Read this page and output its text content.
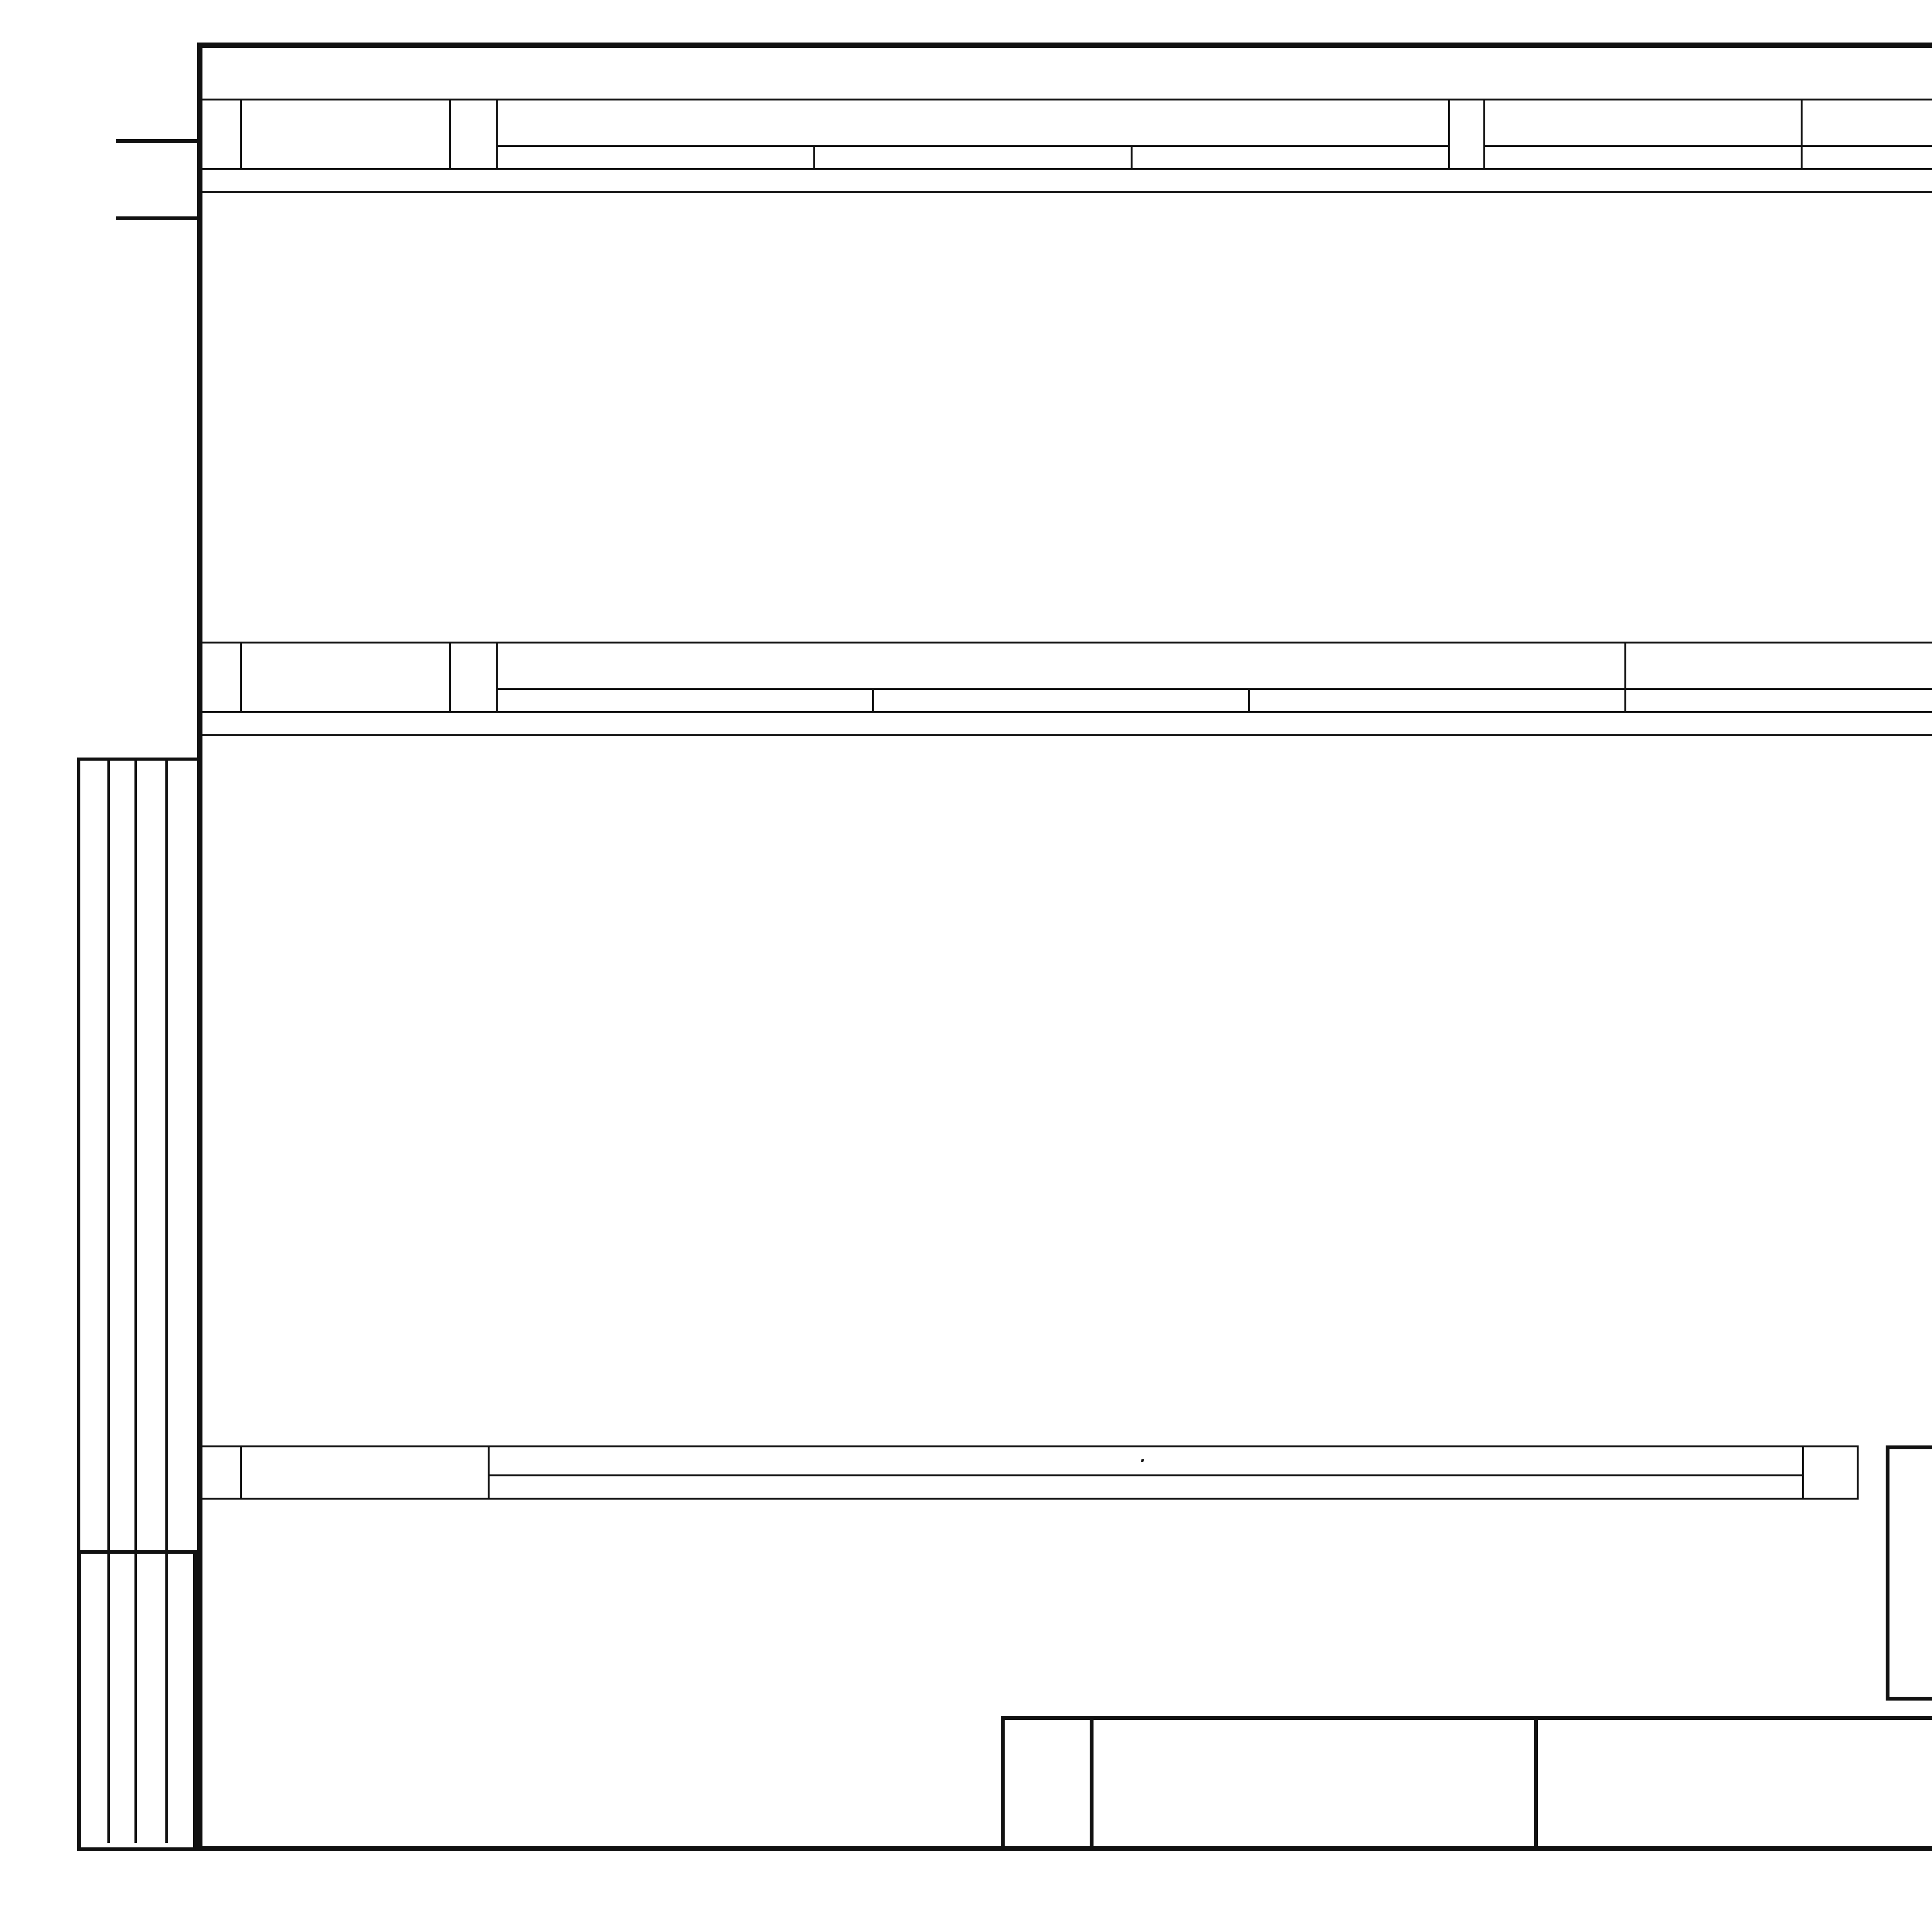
		·	
